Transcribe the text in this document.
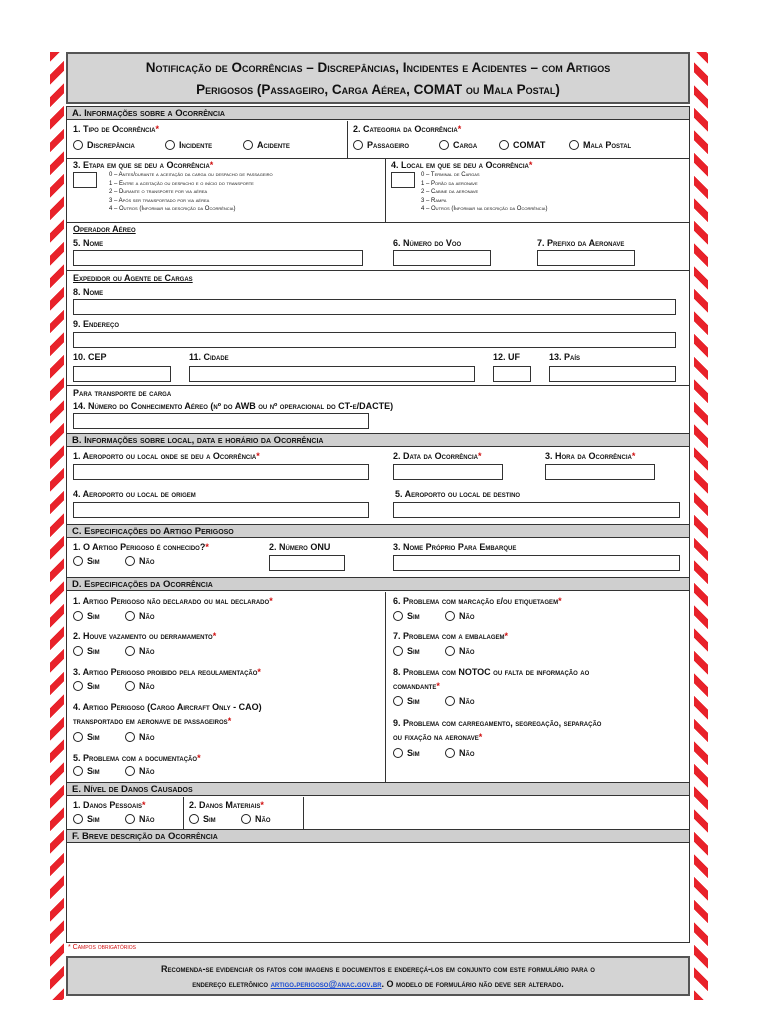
Notificação de Ocorrências – Discrepâncias, Incidentes e Acidentes – com Artigos
Perigosos (Passageiro, Carga Aérea, COMAT ou Mala Postal)
A. Informações sobre a Ocorrência
1. Tipo de Ocorrência*
Discrepância	Incidente	Acidente
2. Categoria da Ocorrência*
Passageiro	Carga	COMAT	Mala Postal
3. Etapa em que se deu a Ocorrência*
0 – Antes/durante a aceitação da carga ou despacho de passageiro
1 – Entre a aceitação ou despacho e o início do transporte
2 – Durante o transporte por via aérea
3 – Após ser transportado por via aérea
4 – Outros (Informar na descrição da Ocorrência)
4. Local em que se deu a Ocorrência*
0 – Terminal de Cargas
1 – Porão da aeronave
2 – Cabine da aeronave
3 – Rampa
4 – Outros (Informar na descrição da Ocorrência)
Operador Aéreo
5. Nome	6. Número do Voo	7. Prefixo da Aeronave
Expedidor ou Agente de Cargas
8. Nome
9. Endereço
10. CEP	11. Cidade	12. UF	13. País
Para transporte de carga
14. Número do Conhecimento Aéreo (nº do AWB ou nº operacional do CT-e/DACTE)
B. Informações sobre local, data e horário da Ocorrência
1. Aeroporto ou local onde se deu a Ocorrência*	2. Data da Ocorrência*	3. Hora da Ocorrência*
4. Aeroporto ou local de origem	5. Aeroporto ou local de destino
C. Especificações do Artigo Perigoso
1. O Artigo Perigoso é conhecido?*
Sim	Não
2. Número ONU	3. Nome Próprio Para Embarque
D. Especificações da Ocorrência
1. Artigo Perigoso não declarado ou mal declarado*
Sim	Não
2. Houve vazamento ou derramamento*
Sim	Não
3. Artigo Perigoso proibido pela regulamentação*
Sim	Não
4. Artigo Perigoso (Cargo Aircraft Only - CAO)
transportado em aeronave de passageiros*
Sim	Não
5. Problema com a documentação*
Sim	Não
6. Problema com marcação e/ou etiquetagem*
Sim	Não
7. Problema com a embalagem*
Sim	Não
8. Problema com NOTOC ou falta de informação ao
comandante*
Sim	Não
9. Problema com carregamento, segregação, separação
ou fixação na aeronave*
Sim	Não
E. Nível de Danos Causados
1. Danos Pessoais*
Sim	Não
2. Danos Materiais*
Sim	Não
F. Breve descrição da Ocorrência
* Campos obrigatórios
Recomenda-se evidenciar os fatos com imagens e documentos e endereçá-los em conjunto com este formulário para o
endereço eletrônico artigo.perigoso@anac.gov.br. O modelo de formulário não deve ser alterado.
